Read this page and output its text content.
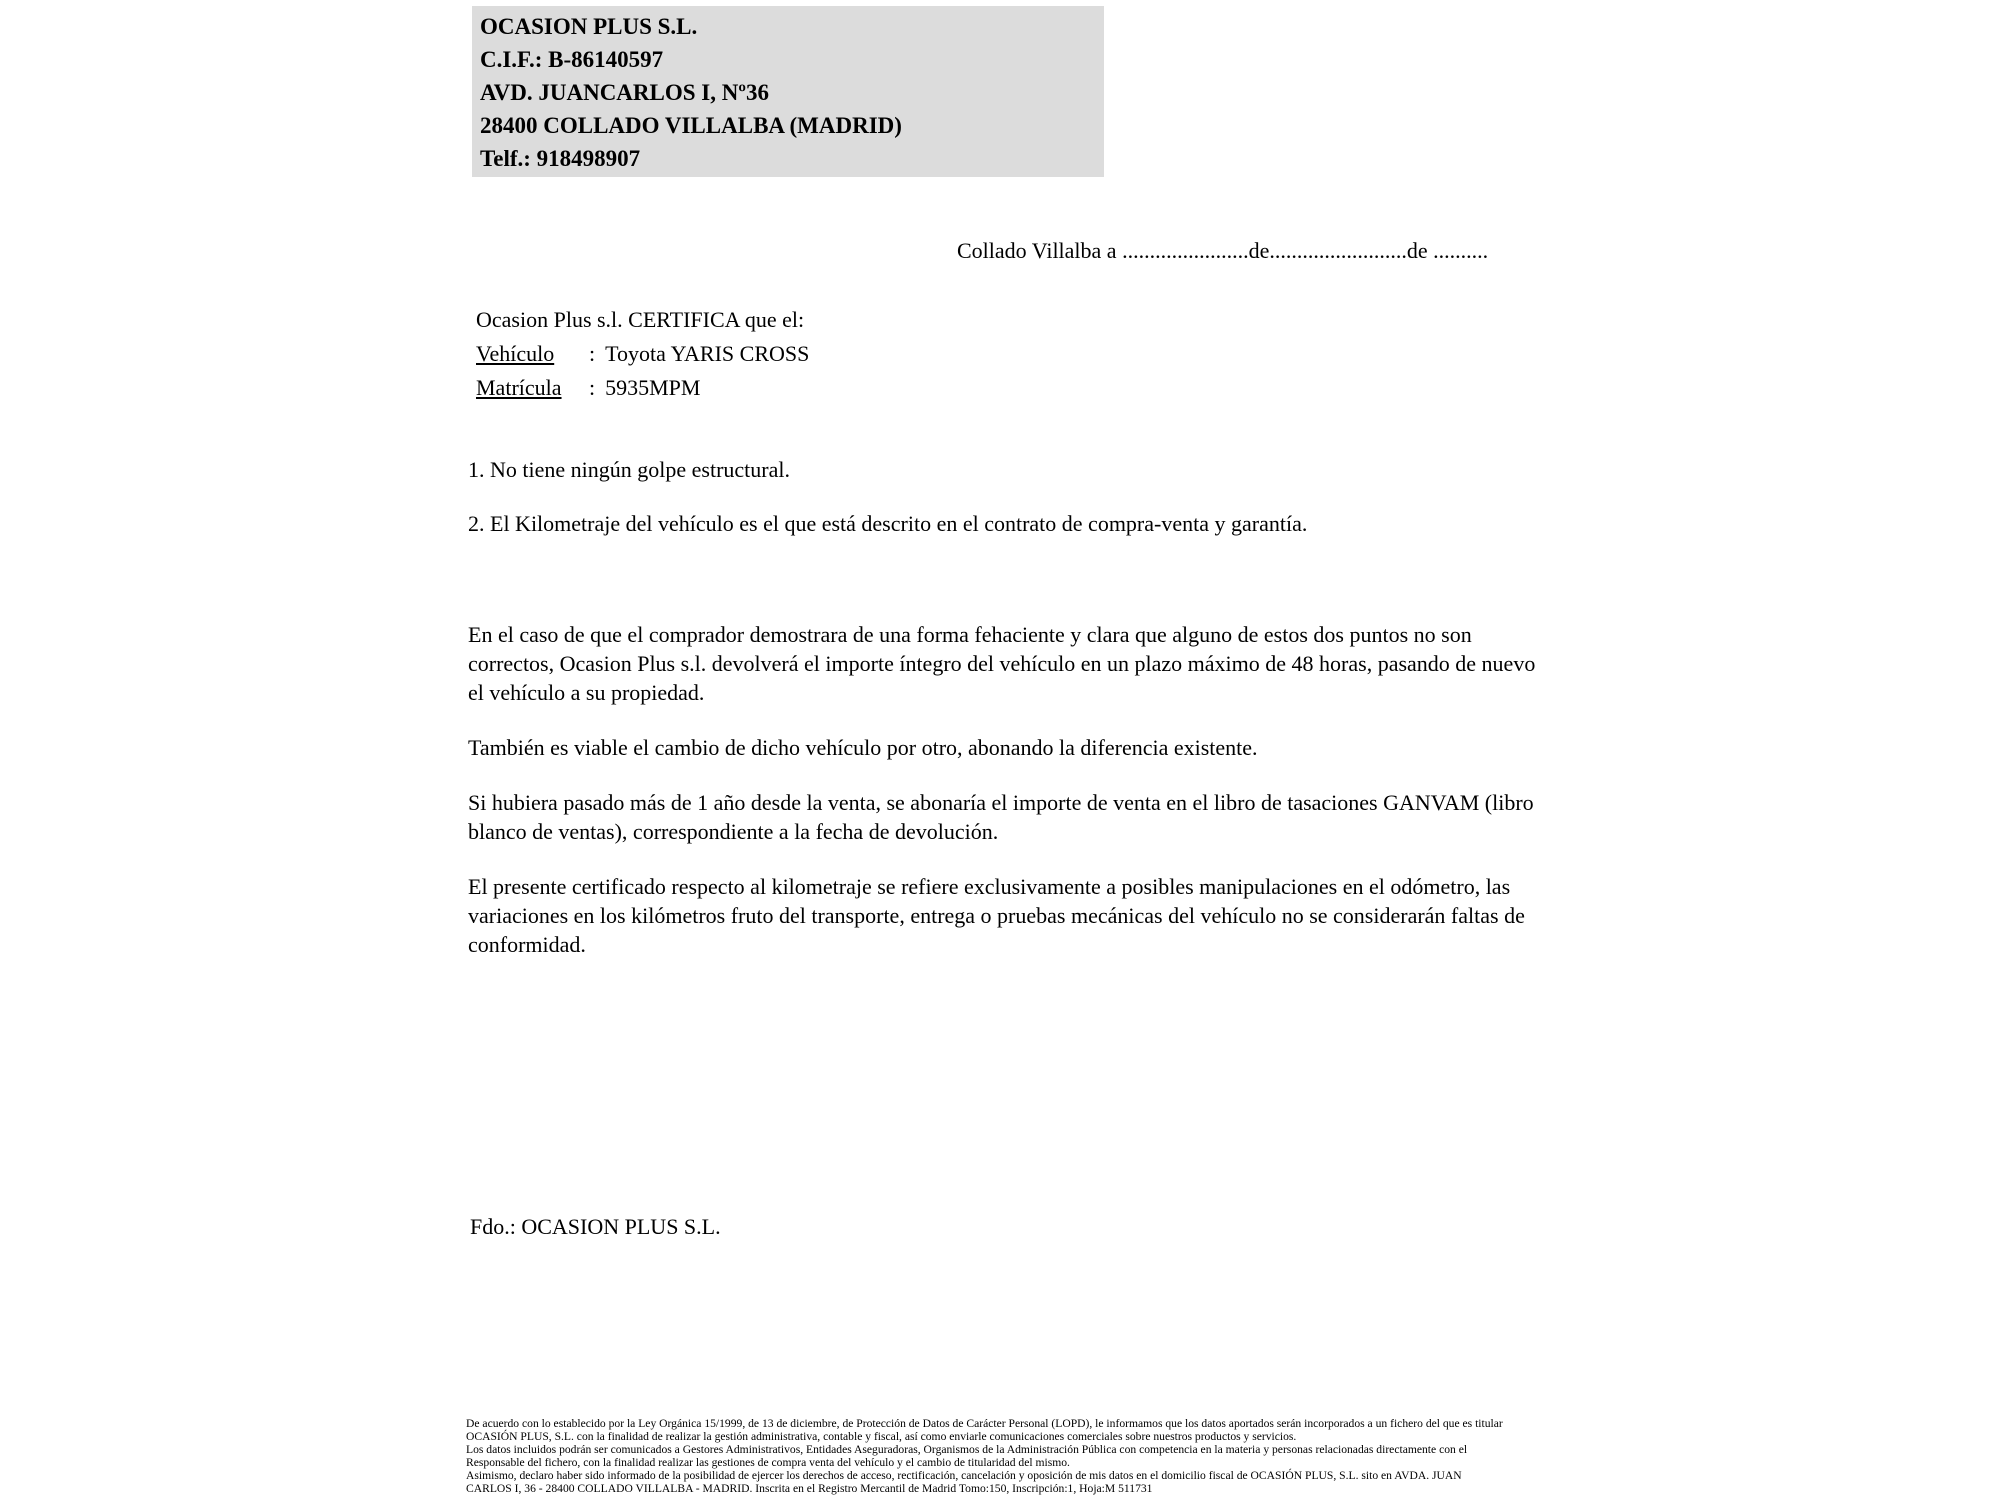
OCASION PLUS S.L.
C.I.F.: B-86140597
AVD. JUANCARLOS I, Nº36
28400 COLLADO VILLALBA (MADRID)
Telf.: 918498907
Collado Villalba a .......................de.........................de ..........
Ocasion Plus s.l. CERTIFICA que el:
Vehículo : Toyota YARIS CROSS
Matrícula : 5935MPM
1. No tiene ningún golpe estructural.
2. El Kilometraje del vehículo es el que está descrito en el contrato de compra-venta y garantía.

En el caso de que el comprador demostrara de una forma fehaciente y clara que alguno de estos dos puntos no son correctos, Ocasion Plus s.l. devolverá el importe íntegro del vehículo en un plazo máximo de 48 horas, pasando de nuevo el vehículo a su propiedad.

También es viable el cambio de dicho vehículo por otro, abonando la diferencia existente.

Si hubiera pasado más de 1 año desde la venta, se abonaría el importe de venta en el libro de tasaciones GANVAM (libro blanco de ventas), correspondiente a la fecha de devolución.

El presente certificado respecto al kilometraje se refiere exclusivamente a posibles manipulaciones en el odómetro, las variaciones en los kilómetros fruto del transporte, entrega o pruebas mecánicas del vehículo no se considerarán faltas de conformidad.

Fdo.: OCASION PLUS S.L.
De acuerdo con lo establecido por la Ley Orgánica 15/1999, de 13 de diciembre, de Protección de Datos de Carácter Personal (LOPD), le informamos que los datos aportados serán incorporados a un fichero del que es titular
OCASIÓN PLUS, S.L. con la finalidad de realizar la gestión administrativa, contable y fiscal, así como enviarle comunicaciones comerciales sobre nuestros productos y servicios.
Los datos incluidos podrán ser comunicados a Gestores Administrativos, Entidades Aseguradoras, Organismos de la Administración Pública con competencia en la materia y personas relacionadas directamente con el
Responsable del fichero, con la finalidad realizar las gestiones de compra venta del vehículo y el cambio de titularidad del mismo.
Asimismo, declaro haber sido informado de la posibilidad de ejercer los derechos de acceso, rectificación, cancelación y oposición de mis datos en el domicilio fiscal de OCASIÓN PLUS, S.L. sito en AVDA. JUAN
CARLOS I, 36 - 28400 COLLADO VILLALBA - MADRID. Inscrita en el Registro Mercantil de Madrid Tomo:150, Inscripción:1, Hoja:M 511731
